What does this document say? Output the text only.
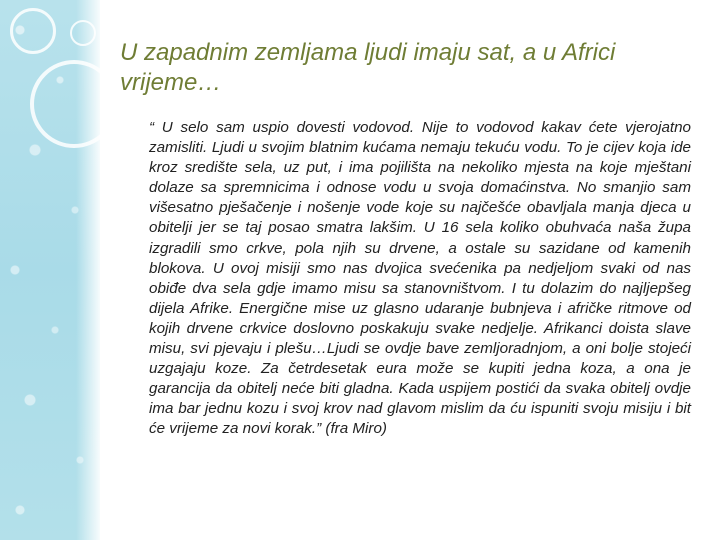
U zapadnim zemljama ljudi imaju sat, a u Africi vrijeme…

“ U selo sam uspio dovesti vodovod. Nije to vodovod kakav ćete vjerojatno zamisliti. Ljudi u svojim blatnim kućama nemaju tekuću vodu. To je cijev koja ide kroz središte sela, uz put, i ima pojilišta na nekoliko mjesta na koje mještani dolaze sa spremnicima i odnose vodu u svoja domaćinstva. No smanjio sam višesatno pješačenje i nošenje vode koje su najčešće obavljala manja djeca u obitelji jer se taj posao smatra lakšim. U 16 sela koliko obuhvaća naša župa izgradili smo crkve, pola njih su drvene, a ostale su sazidane od kamenih blokova. U ovoj misiji smo nas dvojica svećenika pa nedjeljom svaki od nas obiđe dva sela gdje imamo misu sa stanovništvom. I tu dolazim do najljepšeg dijela Afrike. Energične mise uz glasno udaranje bubnjeva i afričke ritmove od kojih drvene crkvice doslovno poskakuju svake nedjelje. Afrikanci doista slave misu, svi pjevaju i plešu…Ljudi se ovdje bave zemljoradnjom, a oni bolje stojeći uzgajaju koze. Za četrdesetak eura može se kupiti jedna koza, a ona je garancija da obitelj neće biti gladna. Kada uspijem postići da svaka obitelj ovdje ima bar jednu kozu i svoj krov nad glavom mislim da ću ispuniti svoju misiju i bit će vrijeme za novi korak.” (fra Miro)
